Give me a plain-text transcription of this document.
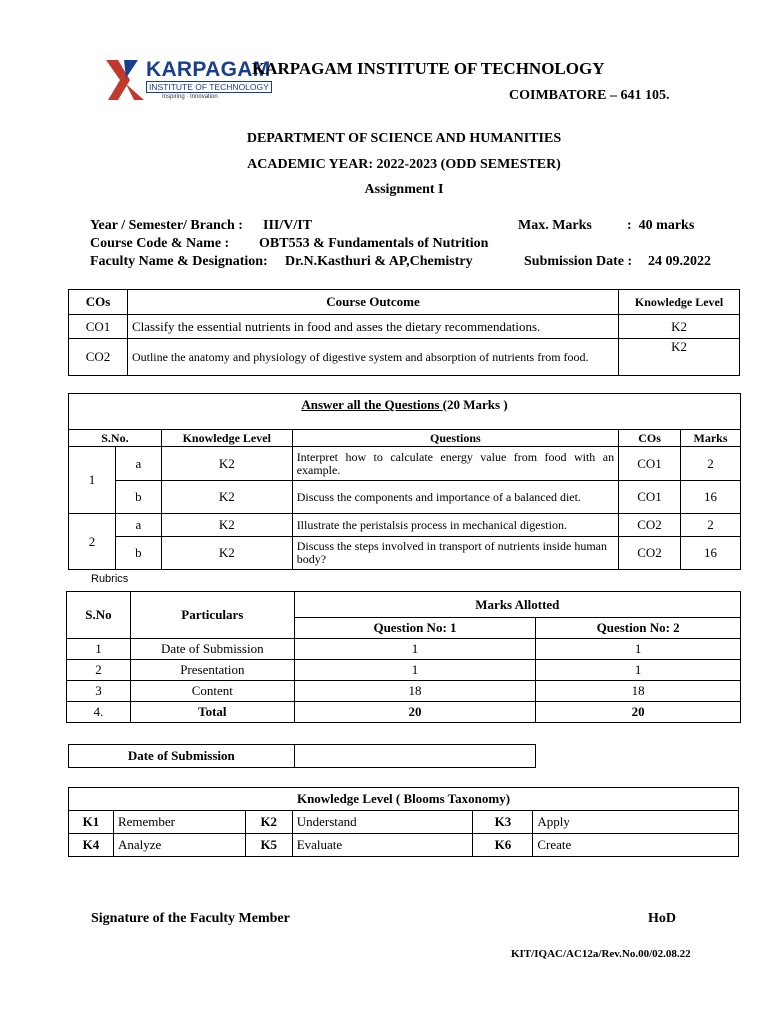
KARPAGAM
INSTITUTE OF TECHNOLOGY
Inspiring · Innovation
KARPAGAM INSTITUTE OF TECHNOLOGY
COIMBATORE – 641 105.
DEPARTMENT OF SCIENCE AND HUMANITIES
ACADEMIC YEAR: 2022-2023 (ODD SEMESTER)
Assignment I
Year / Semester/ Branch : III/V/IT	Max. Marks	:  40 marks
Course Code & Name : OBT553 & Fundamentals of Nutrition
Faculty Name & Designation: Dr.N.Kasthuri & AP,Chemistry	Submission Date : 24 09.2022
COs	Course Outcome	Knowledge Level
CO1	Classify the essential nutrients in food and asses the dietary recommendations.	K2
CO2	Outline the anatomy and physiology of digestive system and absorption of nutrients from food.	K2
Answer all the Questions (20 Marks )					
S.No.		Knowledge Level	Questions	COs	Marks
1	a	K2	Interpret how to calculate energy value from food with an example.	CO1	2
	b	K2	Discuss the components and importance of a balanced diet.	CO1	16
2	a	K2	Illustrate the peristalsis process in mechanical digestion.	CO2	2
	b	K2	Discuss the steps involved in transport of nutrients inside human body?	CO2	16
Rubrics
S.No	Particulars	Marks Allotted	
		Question No: 1	Question No: 2
1	Date of Submission	1	1
2	Presentation	1	1
3	Content	18	18
4.	Total	20	20
Date of Submission	
Knowledge Level ( Blooms Taxonomy)					
K1	Remember	K2	Understand	K3	Apply
K4	Analyze	K5	Evaluate	K6	Create
Signature of the Faculty Member	HoD
KIT/IQAC/AC12a/Rev.No.00/02.08.22
